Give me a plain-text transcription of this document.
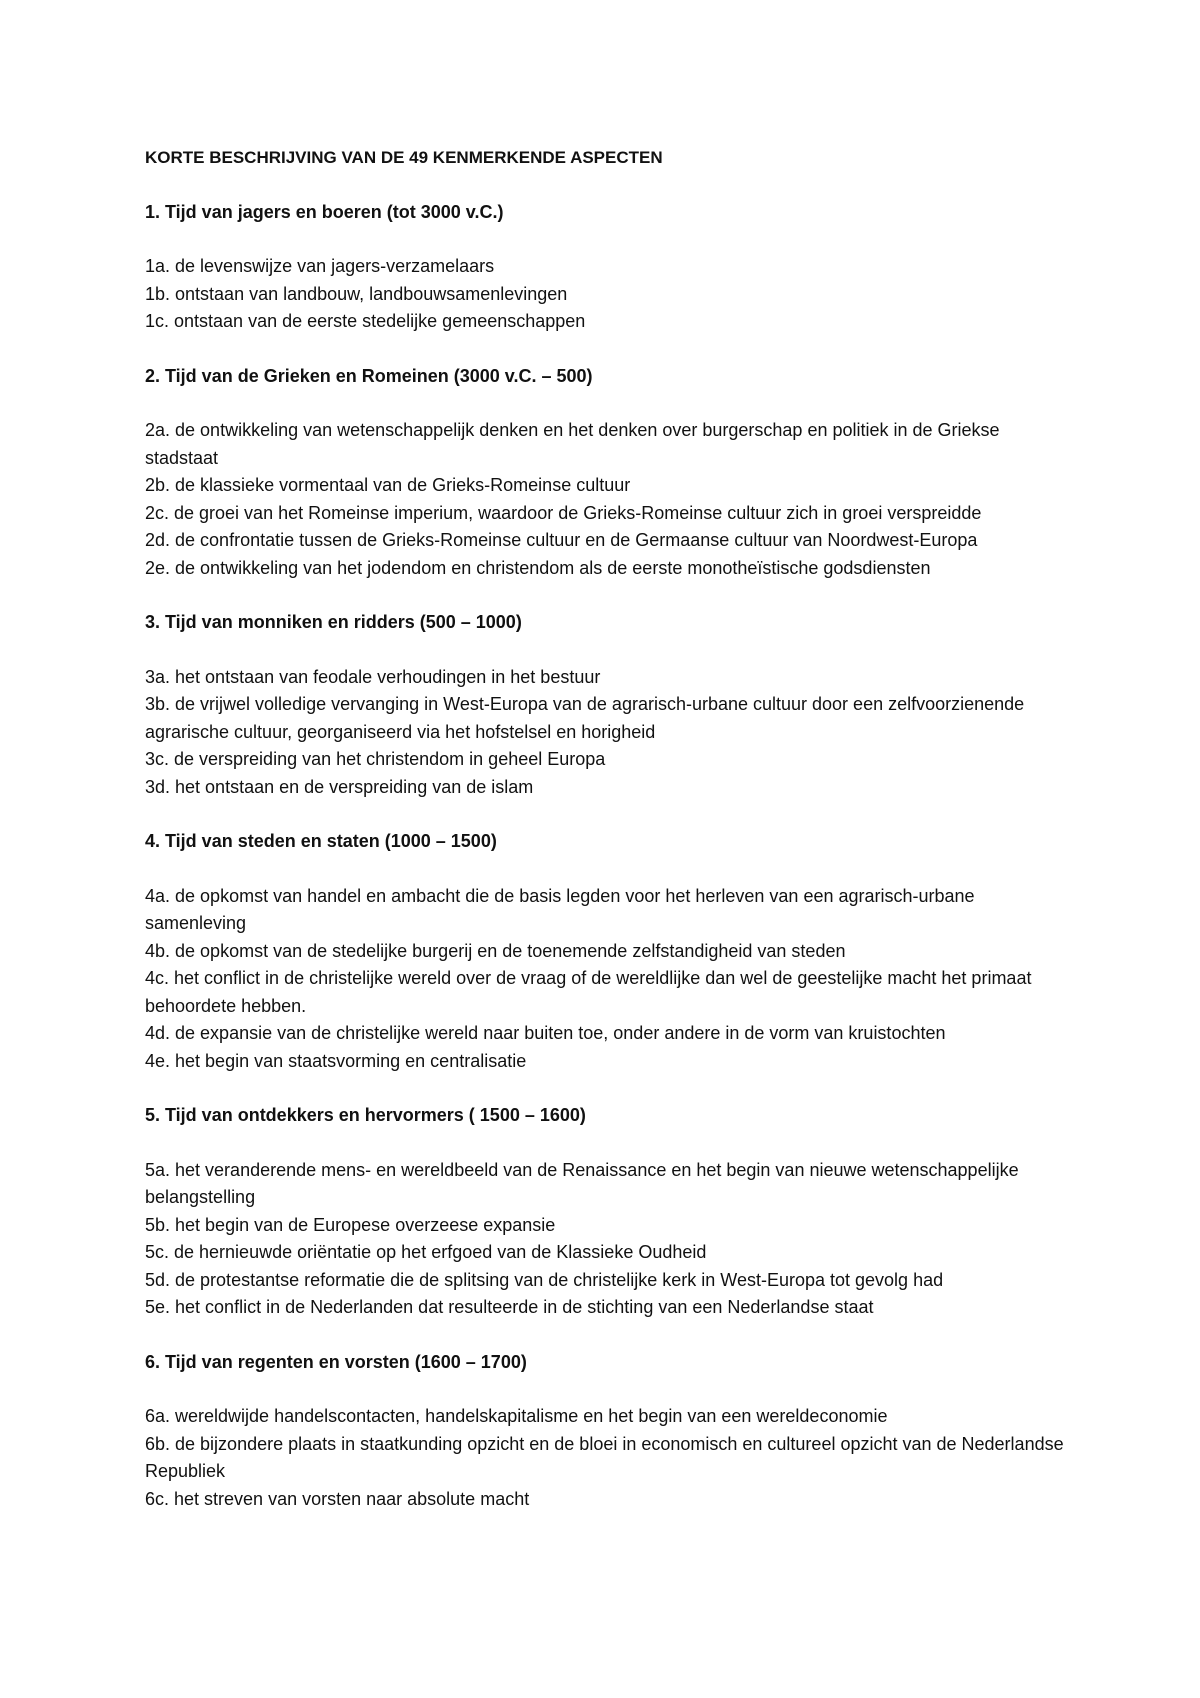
KORTE BESCHRIJVING VAN DE 49 KENMERKENDE ASPECTEN
1. Tijd van jagers en boeren (tot 3000 v.C.)
1a. de levenswijze van jagers-verzamelaars
1b. ontstaan van landbouw, landbouwsamenlevingen
1c. ontstaan van de eerste stedelijke gemeenschappen
2. Tijd van de Grieken en Romeinen (3000 v.C. – 500)
2a. de ontwikkeling van wetenschappelijk denken en het denken over burgerschap en politiek in de Griekse stadstaat
2b. de klassieke vormentaal van de Grieks-Romeinse cultuur
2c. de groei van het Romeinse imperium, waardoor de Grieks-Romeinse cultuur zich in groei verspreidde
2d. de confrontatie tussen de Grieks-Romeinse cultuur en de Germaanse cultuur van Noordwest-Europa
2e. de ontwikkeling van het jodendom en christendom als de eerste monotheïstische godsdiensten
3. Tijd van monniken en ridders (500 – 1000)
3a. het ontstaan van feodale verhoudingen in het bestuur
3b. de vrijwel volledige vervanging in West-Europa van de agrarisch-urbane cultuur door een zelfvoorzienende agrarische cultuur, georganiseerd via het hofstelsel en horigheid
3c. de verspreiding van het christendom in geheel Europa
3d. het ontstaan en de verspreiding van de islam
4. Tijd van steden en staten (1000 – 1500)
4a. de opkomst van handel en ambacht die de basis legden voor het herleven van een agrarisch-urbane samenleving
4b. de opkomst van de stedelijke burgerij en de toenemende zelfstandigheid van steden
4c. het conflict in de christelijke wereld over de vraag of de wereldlijke dan wel de geestelijke macht het primaat behoordete hebben.
4d. de expansie van de christelijke wereld naar buiten toe, onder andere in de vorm van kruistochten
4e. het begin van staatsvorming en centralisatie
5. Tijd van ontdekkers en hervormers ( 1500 – 1600)
5a. het veranderende mens- en wereldbeeld van de Renaissance en het begin van nieuwe wetenschappelijke belangstelling
5b. het begin van de Europese overzeese expansie
5c. de hernieuwde oriëntatie op het erfgoed van de Klassieke Oudheid
5d. de protestantse reformatie die de splitsing van de christelijke kerk in West-Europa tot gevolg had
5e. het conflict in de Nederlanden dat resulteerde in de stichting van een Nederlandse staat
6. Tijd van regenten en vorsten (1600 – 1700)
6a. wereldwijde handelscontacten, handelskapitalisme en het begin van een wereldeconomie
6b. de bijzondere plaats in staatkunding opzicht en de bloei in economisch en cultureel opzicht van de Nederlandse Republiek
6c. het streven van vorsten naar absolute macht
